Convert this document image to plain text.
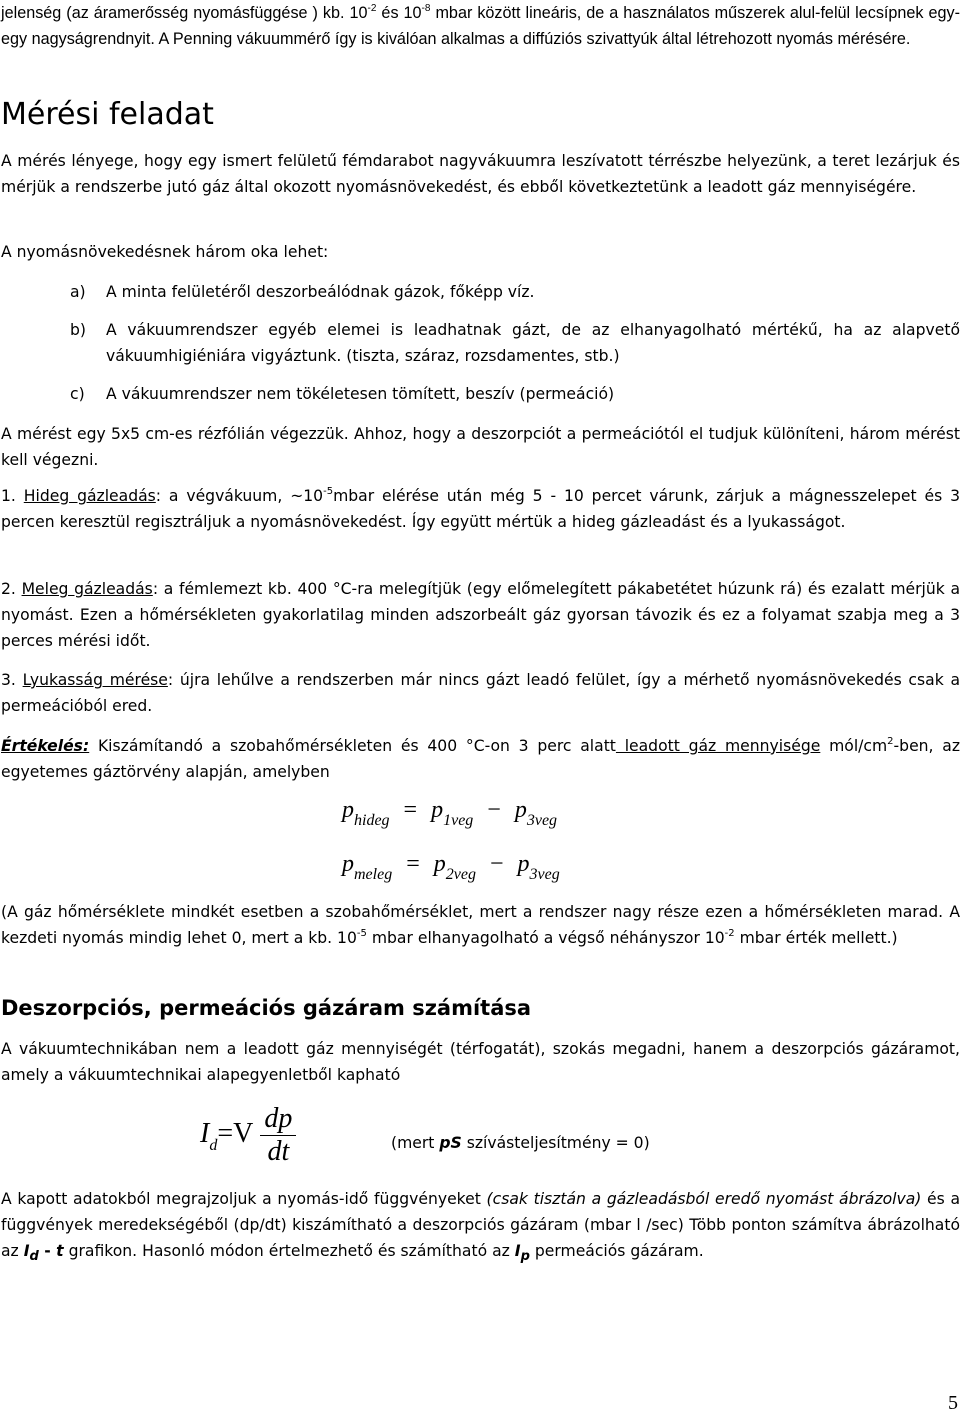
jelenség (az áramerősség nyomásfüggése ) kb. $10^{-2}$ és $10^{-8}$ mbar között lineáris, de a használatos műszerek alul-felül lecsípnek egy-egy nagyságrendnyit. A Penning vákuummérő így is kiválóan alkalmas a diffúziós szivattyúk által létrehozott nyomás mérésére.

Mérési feladat

A mérés lényege, hogy egy ismert felületű fémdarabot nagyvákuumra leszívatott térrészbe helyezünk, a teret lezárjuk és mérjük a rendszerbe jutó gáz által okozott nyomásnövekedést, és ebből következtetünk a leadott gáz mennyiségére.

A nyomásnövekedésnek három oka lehet:

a)	A minta felületéről deszorbeálódnak gázok, főképp víz.
b)	A vákuumrendszer egyéb elemei is leadhatnak gázt, de az elhanyagolható mértékű, ha az alapvető vákuumhigiéniára vigyáztunk. (tiszta, száraz, rozsdamentes, stb.)
c)	A vákuumrendszer nem tökéletesen tömített, beszív (permeáció)

A mérést egy 5x5 cm-es rézfólián végezzük. Ahhoz, hogy a deszorpciót a permeációtól el tudjuk különíteni, három mérést kell végezni.

1. Hideg gázleadás: a végvákuum, $\sim 10^{-5}mbar$ elérése után még 5 - 10 percet várunk, zárjuk a mágnesszelepet és 3 percen keresztül regisztráljuk a nyomásnövekedést. Így együtt mértük a hideg gázleadást és a lyukasságot.

2. Meleg gázleadás: a fémlemezt kb. 400 °C-ra melegítjük (egy előmelegített pákabetétet húzunk rá) és ezalatt mérjük a nyomást. Ezen a hőmérsékleten gyakorlatilag minden adszorbeált gáz gyorsan távozik és ez a folyamat szabja meg a 3 perces mérési időt.

3. Lyukasság mérése: újra lehűlve a rendszerben már nincs gázt leadó felület, így a mérhető nyomásnövekedés csak a permeációból ered.

Értékelés: Kiszámítandó a szobahőmérsékleten és 400 °C-on 3 perc alatt leadott gáz mennyisége mól/$cm^2$-ben, az egyetemes gáztörvény alapján, amelyben

$p_{hideg} = p_{1veg} - p_{3veg}$
$p_{meleg} = p_{2veg} - p_{3veg}$

(A gáz hőmérséklete mindkét esetben a szobahőmérséklet, mert a rendszer nagy része ezen a hőmérsékleten marad. A kezdeti nyomás mindig lehet 0, mert a kb. $10^{-5}$ mbar elhanyagolható a végső néhányszor $10^{-2}$ mbar érték mellett.)

Deszorpciós, permeációs gázáram számítása

A vákuumtechnikában nem a leadott gáz mennyiségét (térfogatát), szokás megadni, hanem a deszorpciós gázáramot, amely a vákuumtechnikai alapegyenletből kapható

$I_d=V \frac{dp}{dt}$	(mert pS szívásteljesítmény = 0)

A kapott adatokból megrajzoljuk a nyomás-idő függvényeket (csak tisztán a gázleadásból eredő nyomást ábrázolva) és a függvények meredekségéből (dp/dt) kiszámítható a deszorpciós gázáram (mbar l /sec) Több ponton számítva ábrázolható az $I_d$ - t grafikon. Hasonló módon értelmezhető és számítható az $I_p$ permeációs gázáram.

5
